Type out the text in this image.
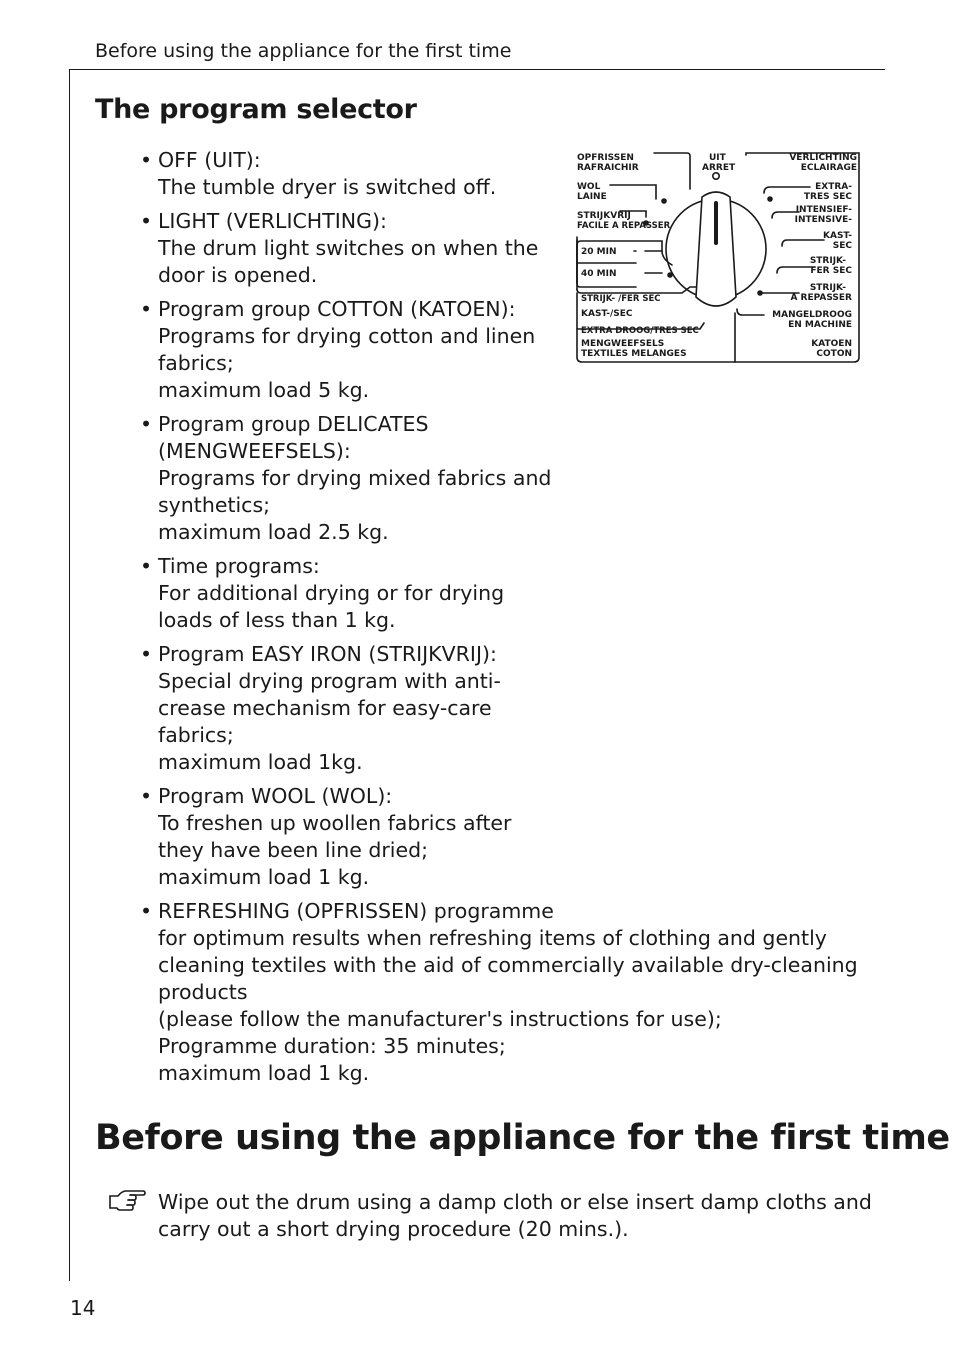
Before using the appliance for the first time
The program selector
• OFF (UIT):
The tumble dryer is switched off.
• LIGHT (VERLICHTING):
The drum light switches on when the
door is opened.
• Program group COTTON (KATOEN):
Programs for drying cotton and linen
fabrics;
maximum load 5 kg.
• Program group DELICATES
(MENGWEEFSELS):
Programs for drying mixed fabrics and
synthetics;
maximum load 2.5 kg.
• Time programs:
For additional drying or for drying
loads of less than 1 kg.
• Program EASY IRON (STRIJKVRIJ):
Special drying program with anti-
crease mechanism for easy-care
fabrics;
maximum load 1kg.
• Program WOOL (WOL):
To freshen up woollen fabrics after
they have been line dried;
maximum load 1 kg.
• REFRESHING (OPFRISSEN) programme
for optimum results when refreshing items of clothing and gently
cleaning textiles with the aid of commercially available dry-cleaning
products
(please follow the manufacturer's instructions for use);
Programme duration: 35 minutes;
maximum load 1 kg.
OPFRISSEN
RAFRAICHIR
UIT
ARRET
VERLICHTING
ECLAIRAGE
WOL
LAINE
EXTRA-
TRES SEC
STRIJKVRIJ
FACILE A REPASSER
INTENSIEF-
INTENSIVE-
20 MIN
40 MIN
KAST-
SEC
STRIJK-
FER SEC
STRIJK-
A REPASSER
STRIJK- /FER SEC
KAST-/SEC	MANGELDROOG
EN MACHINE
EXTRA DROOG/TRES SEC
MENGWEEFSELS
TEXTILES MELANGES
KATOEN
COTON
Before using the appliance for the first time

Wipe out the drum using a damp cloth or else insert damp cloths and
carry out a short drying procedure (20 mins.).

14
